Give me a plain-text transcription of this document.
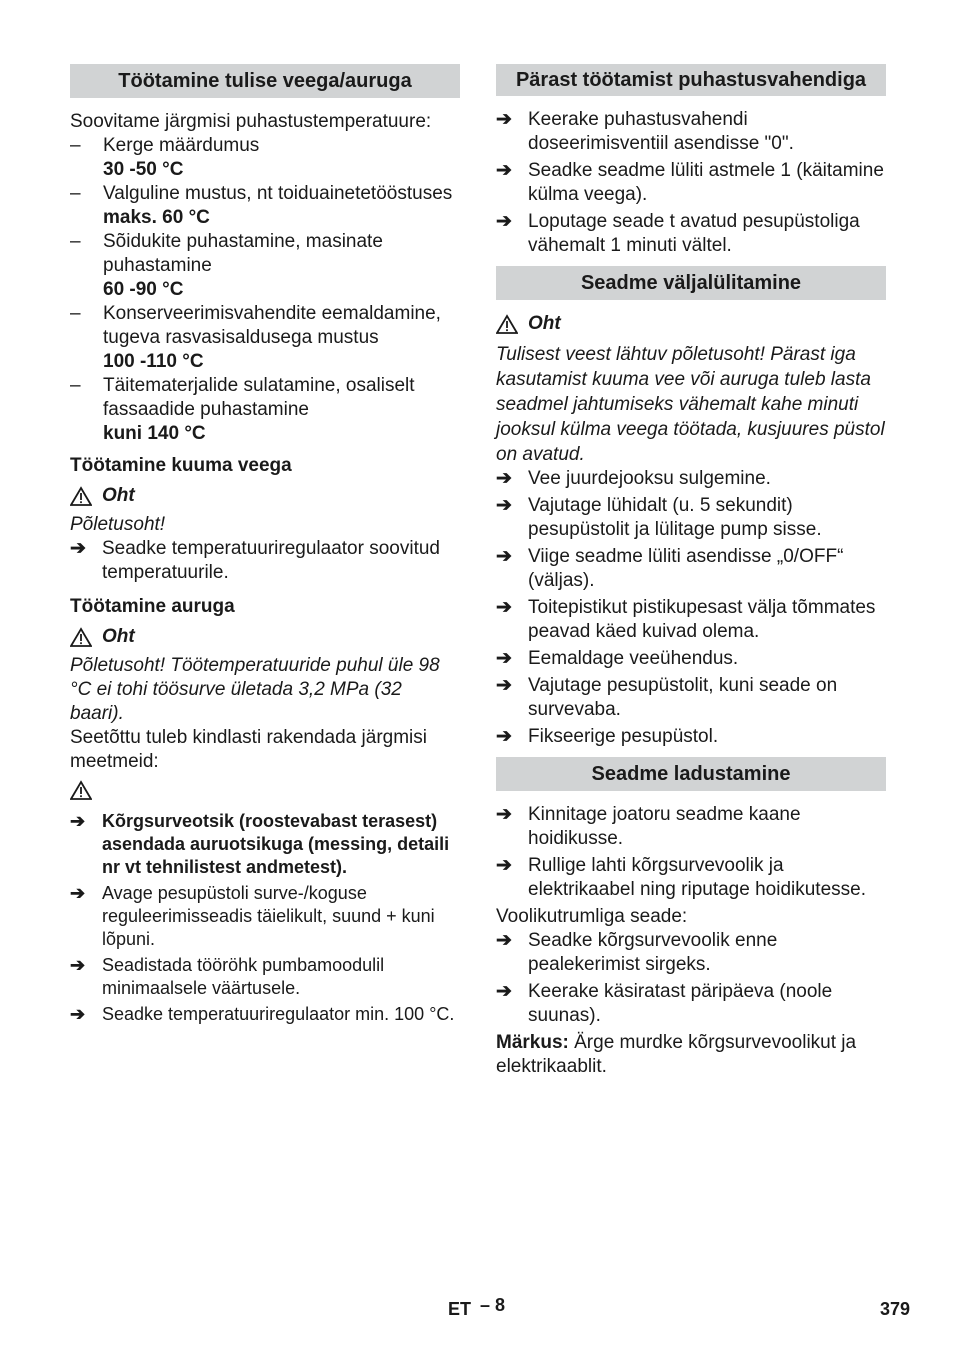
Töötamine tulise veega/auruga

Soovitame järgmisi puhastustemperatuure:

– Kerge määrdumus
30 -50 °C
– Valguline mustus, nt toiduainetetööstuses
maks. 60 °C
– Sõidukite puhastamine, masinate puhastamine
60 -90 °C
– Konserveerimisvahendite eemaldamine, tugeva rasvasisaldusega mustus
100 -110 °C
– Täitematerjalide sulatamine, osaliselt fassaadide puhastamine
kuni 140 °C
Töötamine kuuma veega
Oht

Põletusoht!

➔ Seadke temperatuuriregulaator soovitud temperatuurile.
Töötamine auruga
Oht

Põletusoht! Töötemperatuuride puhul üle 98 °C ei tohi töösurve ületada 3,2 MPa (32 baari).

Seetõttu tuleb kindlasti rakendada järgmisi meetmeid:

➔ Kõrgsurveotsik (roostevabast terasest) asendada auruotsikuga (messing, detaili nr vt tehnilistest andmetest).
➔ Avage pesupüstoli surve-/koguse reguleerimisseadis täielikult, suund + kuni lõpuni.
➔ Seadistada tööröhk pumbamoodulil minimaalsele väärtusele.
➔ Seadke temperatuuriregulaator min. 100 °C.
Pärast töötamist puhastusvahendiga
➔ Keerake puhastusvahendi doseerimisventiil asendisse "0".
➔ Seadke seadme lüliti astmele 1 (käitamine külma veega).
➔ Loputage seade t avatud pesupüstoliga vähemalt 1 minuti vältel.
Seadme väljalülitamine
Oht

Tulisest veest lähtuv põletusoht! Pärast iga kasutamist kuuma vee või auruga tuleb lasta seadmel jahtumiseks vähemalt kahe minuti jooksul külma veega töötada, kusjuures püstol on avatud.

➔ Vee juurdejooksu sulgemine.
➔ Vajutage lühidalt (u. 5 sekundit) pesupüstolit ja lülitage pump sisse.
➔ Viige seadme lüliti asendisse „0/OFF“ (väljas).
➔ Toitepistikut pistikupesast välja tõmmates peavad käed kuivad olema.
➔ Eemaldage veeühendus.
➔ Vajutage pesupüstolit, kuni seade on survevaba.
➔ Fikseerige pesupüstol.
Seadme ladustamine
➔ Kinnitage joatoru seadme kaane hoidikusse.
➔ Rullige lahti kõrgsurvevoolik ja elektrikaabel ning riputage hoidikutesse.

Voolikutrumliga seade:

➔ Seadke kõrgsurvevoolik enne pealekerimist sirgeks.
➔ Keerake käsiratast päripäeva (noole suunas).

Märkus: Ärge murdke kõrgsurvevoolikut ja elektrikaablit.

ET – 8	379
